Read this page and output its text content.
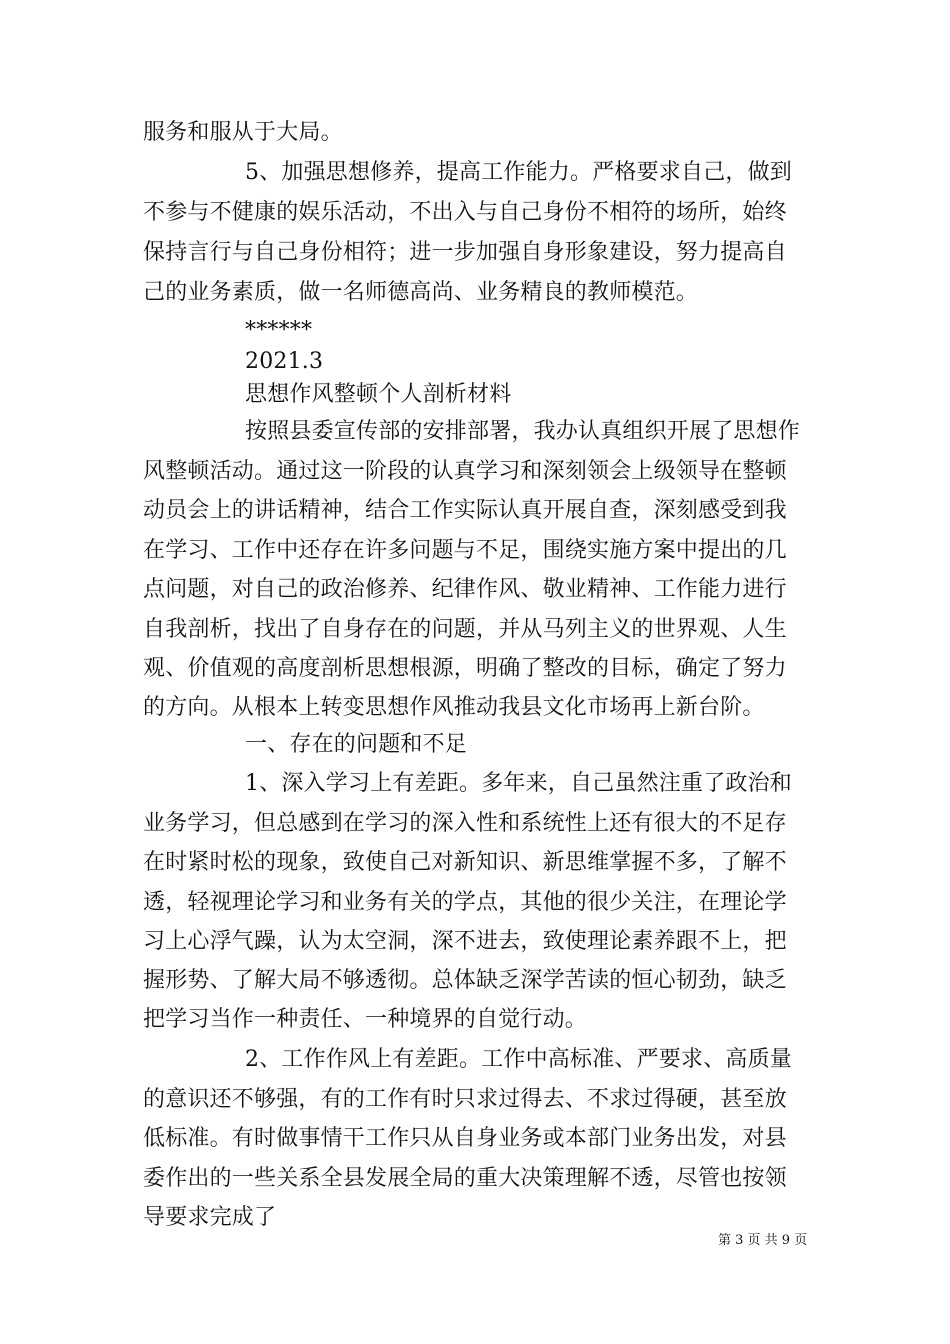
服务和服从于大局。
5、加强思想修养，提高工作能力。严格要求自己，做到
不参与不健康的娱乐活动，不出入与自己身份不相符的场所，始终
保持言行与自己身份相符；进一步加强自身形象建设，努力提高自
己的业务素质，做一名师德高尚、业务精良的教师模范。
******
2021.3
思想作风整顿个人剖析材料
按照县委宣传部的安排部署，我办认真组织开展了思想作
风整顿活动。通过这一阶段的认真学习和深刻领会上级领导在整顿
动员会上的讲话精神，结合工作实际认真开展自查，深刻感受到我
在学习、工作中还存在许多问题与不足，围绕实施方案中提出的几
点问题，对自己的政治修养、纪律作风、敬业精神、工作能力进行
自我剖析，找出了自身存在的问题，并从马列主义的世界观、人生
观、价值观的高度剖析思想根源，明确了整改的目标，确定了努力
的方向。从根本上转变思想作风推动我县文化市场再上新台阶。
一、存在的问题和不足
1、深入学习上有差距。多年来，自己虽然注重了政治和
业务学习，但总感到在学习的深入性和系统性上还有很大的不足存
在时紧时松的现象，致使自己对新知识、新思维掌握不多，了解不
透，轻视理论学习和业务有关的学点，其他的很少关注，在理论学
习上心浮气躁，认为太空洞，深不进去，致使理论素养跟不上，把
握形势、了解大局不够透彻。总体缺乏深学苦读的恒心韧劲，缺乏
把学习当作一种责任、一种境界的自觉行动。
2、工作作风上有差距。工作中高标准、严要求、高质量
的意识还不够强，有的工作有时只求过得去、不求过得硬，甚至放
低标准。有时做事情干工作只从自身业务或本部门业务出发，对县
委作出的一些关系全县发展全局的重大决策理解不透，尽管也按领
导要求完成了
第 3 页 共 9 页
